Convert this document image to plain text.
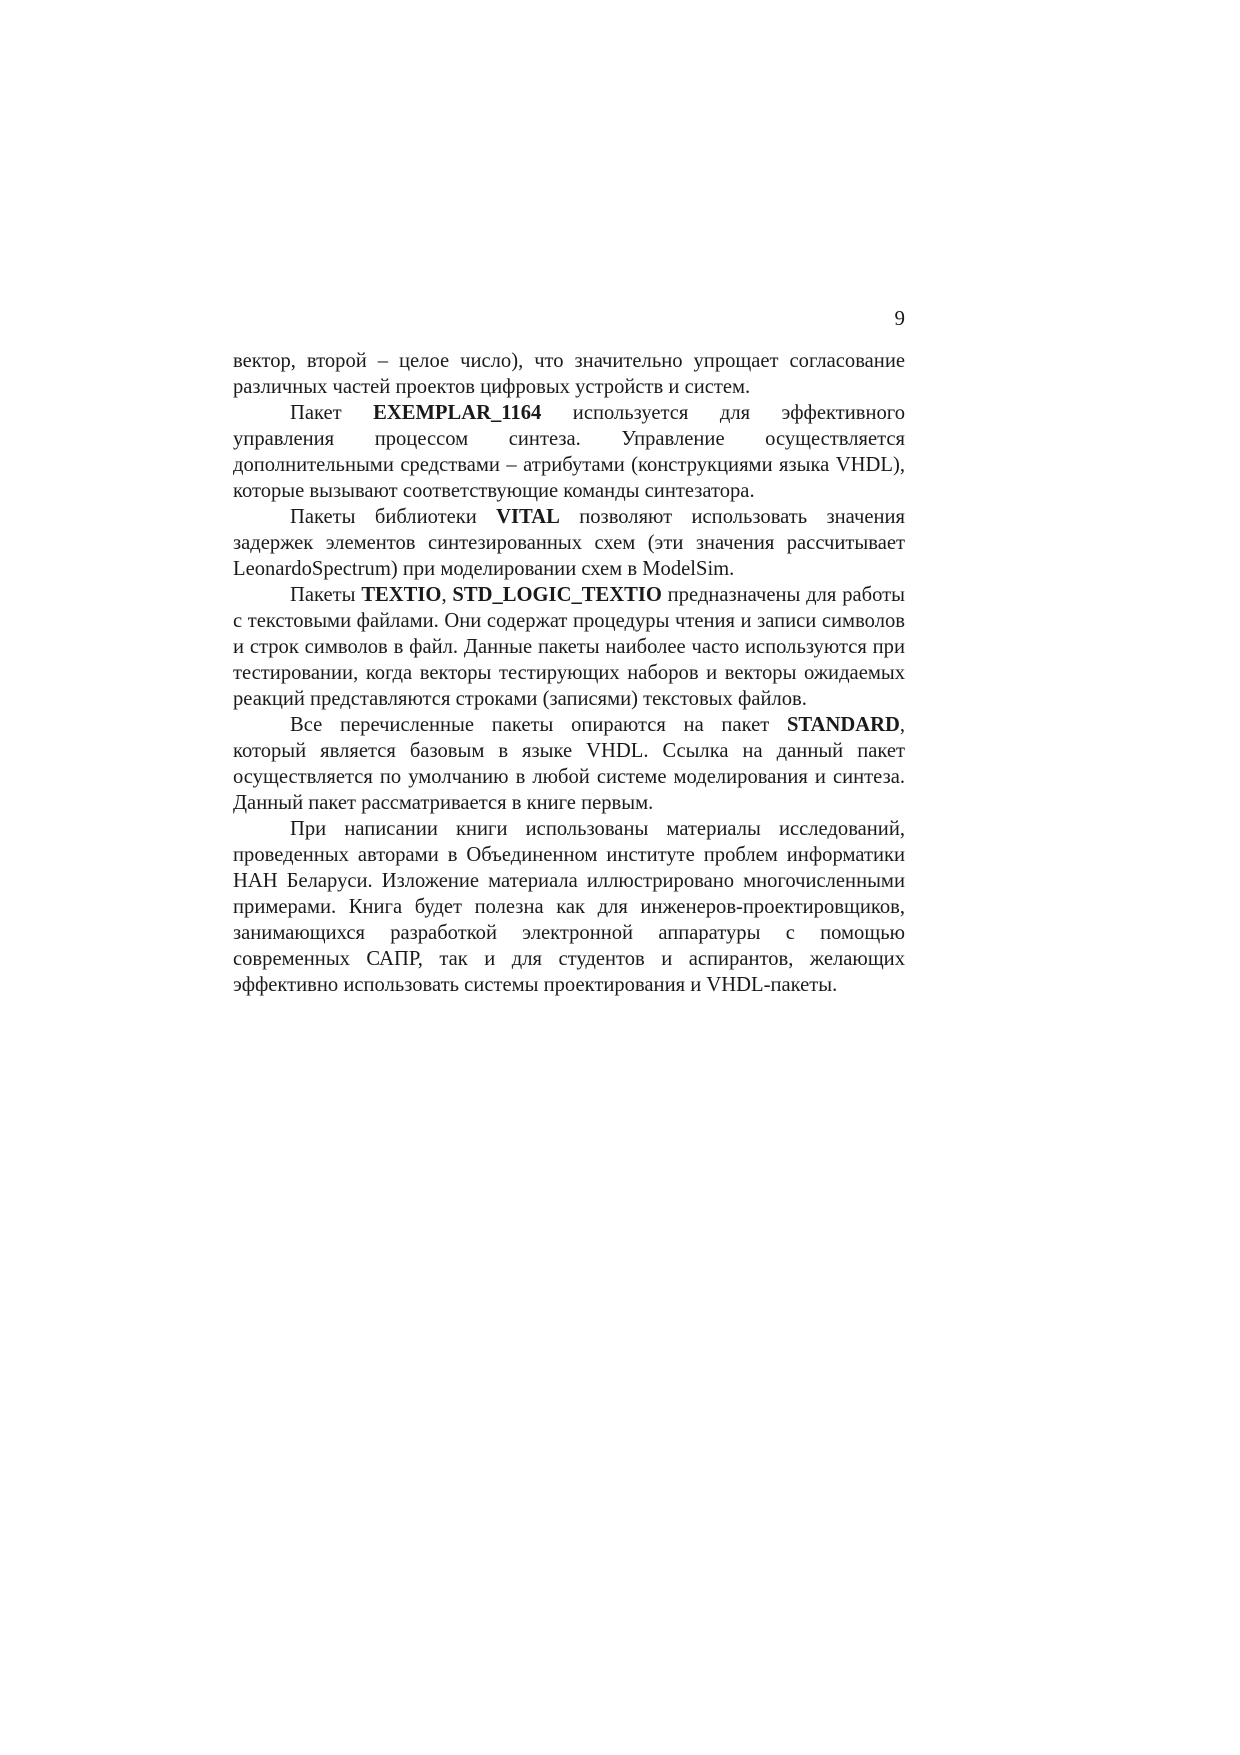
9

вектор, второй – целое число), что значительно упрощает согласование различных частей проектов цифровых устройств и систем.

Пакет EXEMPLAR_1164 используется для эффективного управления процессом синтеза. Управление осуществляется дополнительными средствами – атрибутами (конструкциями языка VHDL), которые вызывают соответствующие команды синтезатора.

Пакеты библиотеки VITAL позволяют использовать значения задержек элементов синтезированных схем (эти значения рассчитывает LeonardoSpectrum) при моделировании схем в ModelSim.

Пакеты TEXTIO, STD_LOGIC_TEXTIO предназначены для работы с текстовыми файлами. Они содержат процедуры чтения и записи символов и строк символов в файл. Данные пакеты наиболее часто используются при тестировании, когда векторы тестирующих наборов и векторы ожидаемых реакций представляются строками (записями) текстовых файлов.

Все перечисленные пакеты опираются на пакет STANDARD, который является базовым в языке VHDL. Ссылка на данный пакет осуществляется по умолчанию в любой системе моделирования и синтеза. Данный пакет рассматривается в книге первым.

При написании книги использованы материалы исследований, проведенных авторами в Объединенном институте проблем информатики НАН Беларуси. Изложение материала иллюстрировано многочисленными примерами. Книга будет полезна как для инженеров-проектировщиков, занимающихся разработкой электронной аппаратуры с помощью современных САПР, так и для студентов и аспирантов, желающих эффективно использовать системы проектирования и VHDL-пакеты.
